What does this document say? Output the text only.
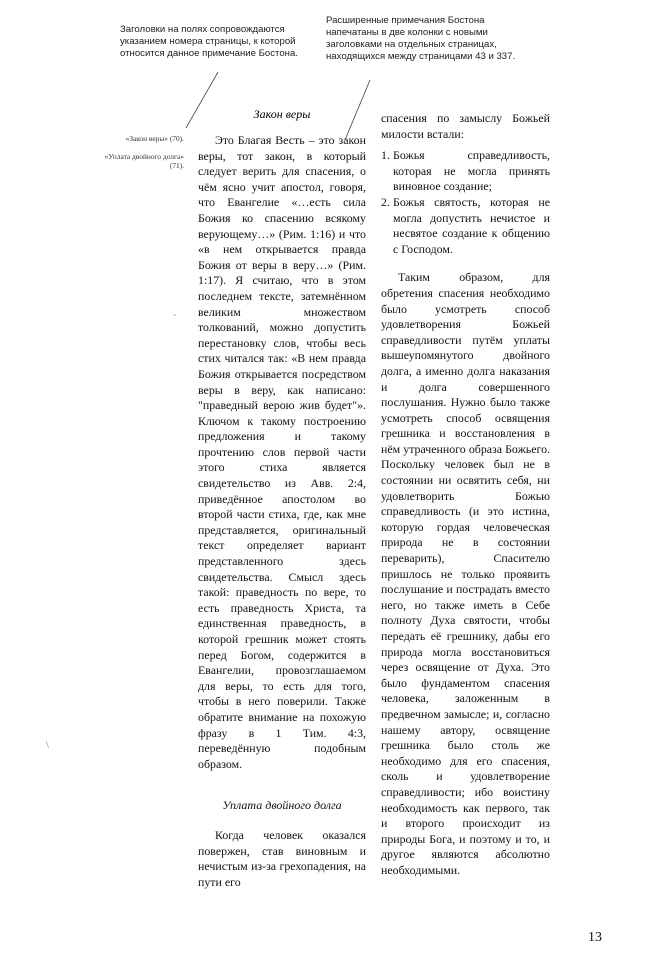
`
\
Заголовки на полях сопровождаются указанием номера страницы, к которой относится данное примечание Бостона.
Расширенные примечания Бостона напечатаны в две колонки с новыми заголовками на отдельных страницах, находящихся между страницами 43 и 337.
«Закон веры» (70).
«Уплата двойного долга» (71).
Закон веры

Это Благая Весть – это закон веры, тот закон, в который следует верить для спасения, о чём ясно учит апостол, говоря, что Евангелие «…есть сила Божия ко спасению всякому верующему…» (Рим. 1:16) и что «в нем открывается правда Божия от веры в веру…» (Рим. 1:17). Я считаю, что в этом последнем тексте, затемнённом великим множеством толкований, можно допустить перестановку слов, чтобы весь стих читался так: «В нем правда Божия открывается посредством веры в веру, как написано: "праведный верою жив будет"». Ключом к такому построению предложения и такому прочтению слов первой части этого стиха является свидетельство из Авв. 2:4, приведённое апостолом во второй части стиха, где, как мне представляется, оригинальный текст определяет вариант представленного здесь свидетельства. Смысл здесь такой: праведность по вере, то есть праведность Христа, та единственная праведность, в которой грешник может стоять перед Богом, содержится в Евангелии, провозглашаемом для веры, то есть для того, чтобы в него поверили. Также обратите внимание на похожую фразу в 1 Тим. 4:3, переведённую подобным образом.

Уплата двойного долга

Когда человек оказался повержен, став виновным и нечистым из-за грехопадения, на пути его

спасения по замыслу Божьей милости встали:
1. Божья справедливость, которая не могла принять виновное создание;
2. Божья святость, которая не могла допустить нечистое и несвятое создание к общению с Господом.

Таким образом, для обретения спасения необходимо было усмотреть способ удовлетворения Божьей справедливости путём уплаты вышеупомянутого двойного долга, а именно долга наказания и долга совершенного послушания. Нужно было также усмотреть способ освящения грешника и восстановления в нём утраченного образа Божьего. Поскольку человек был не в состоянии ни освятить себя, ни удовлетворить Божью справедливость (и это истина, которую гордая человеческая природа не в состоянии переварить), Спасителю пришлось не только проявить послушание и пострадать вместо него, но также иметь в Себе полноту Духа святости, чтобы передать её грешнику, дабы его природа могла восстановиться через освящение от Духа. Это было фундаментом спасения человека, заложенным в предвечном замысле; и, согласно нашему автору, освящение грешника было столь же необходимо для его спасения, сколь и удовлетворение справедливости; ибо воистину необходимость как первого, так и второго происходит из природы Бога, и поэтому и то, и другое являются абсолютно необходимыми.

13
